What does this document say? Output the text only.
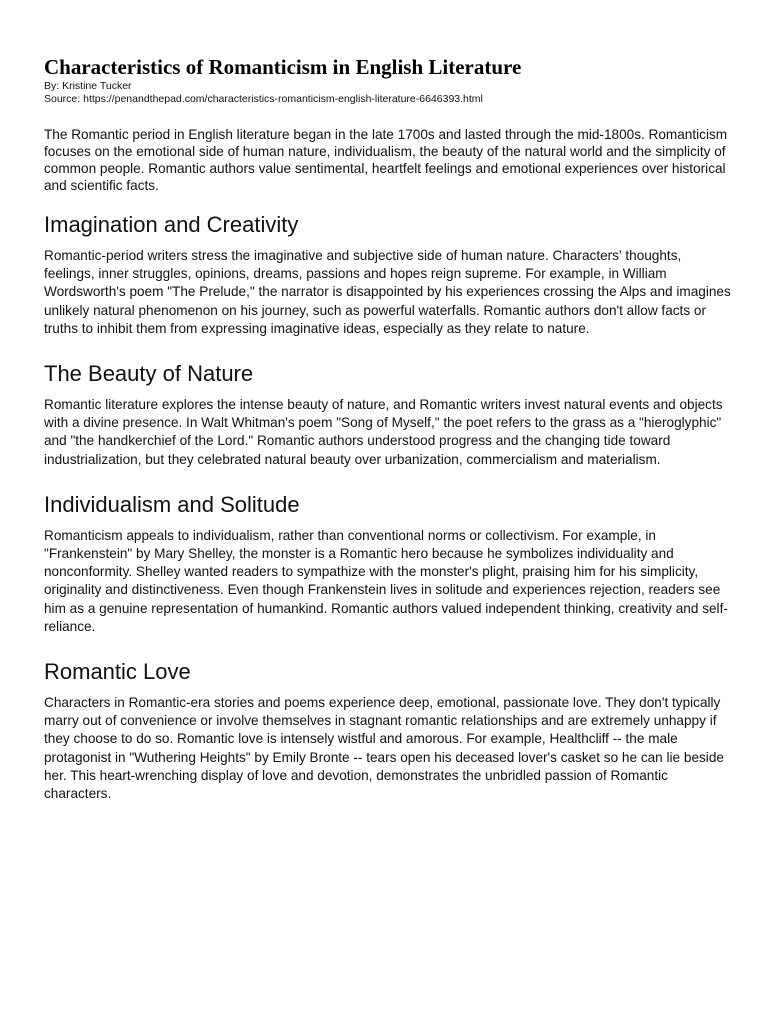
Characteristics of Romanticism in English Literature

By: Kristine Tucker

Source: https://penandthepad.com/characteristics-romanticism-english-literature-6646393.html

The Romantic period in English literature began in the late 1700s and lasted through the mid-1800s. Romanticism focuses on the emotional side of human nature, individualism, the beauty of the natural world and the simplicity of common people. Romantic authors value sentimental, heartfelt feelings and emotional experiences over historical and scientific facts.

Imagination and Creativity

Romantic-period writers stress the imaginative and subjective side of human nature. Characters' thoughts, feelings, inner struggles, opinions, dreams, passions and hopes reign supreme. For example, in William Wordsworth's poem "The Prelude," the narrator is disappointed by his experiences crossing the Alps and imagines unlikely natural phenomenon on his journey, such as powerful waterfalls. Romantic authors don't allow facts or truths to inhibit them from expressing imaginative ideas, especially as they relate to nature.

The Beauty of Nature

Romantic literature explores the intense beauty of nature, and Romantic writers invest natural events and objects with a divine presence. In Walt Whitman's poem "Song of Myself," the poet refers to the grass as a "hieroglyphic" and "the handkerchief of the Lord." Romantic authors understood progress and the changing tide toward industrialization, but they celebrated natural beauty over urbanization, commercialism and materialism.

Individualism and Solitude

Romanticism appeals to individualism, rather than conventional norms or collectivism. For example, in "Frankenstein" by Mary Shelley, the monster is a Romantic hero because he symbolizes individuality and nonconformity. Shelley wanted readers to sympathize with the monster's plight, praising him for his simplicity, originality and distinctiveness. Even though Frankenstein lives in solitude and experiences rejection, readers see him as a genuine representation of humankind. Romantic authors valued independent thinking, creativity and self-reliance.

Romantic Love

Characters in Romantic-era stories and poems experience deep, emotional, passionate love. They don't typically marry out of convenience or involve themselves in stagnant romantic relationships and are extremely unhappy if they choose to do so. Romantic love is intensely wistful and amorous. For example, Healthcliff -- the male protagonist in "Wuthering Heights" by Emily Bronte -- tears open his deceased lover's casket so he can lie beside her. This heart-wrenching display of love and devotion, demonstrates the unbridled passion of Romantic characters.
